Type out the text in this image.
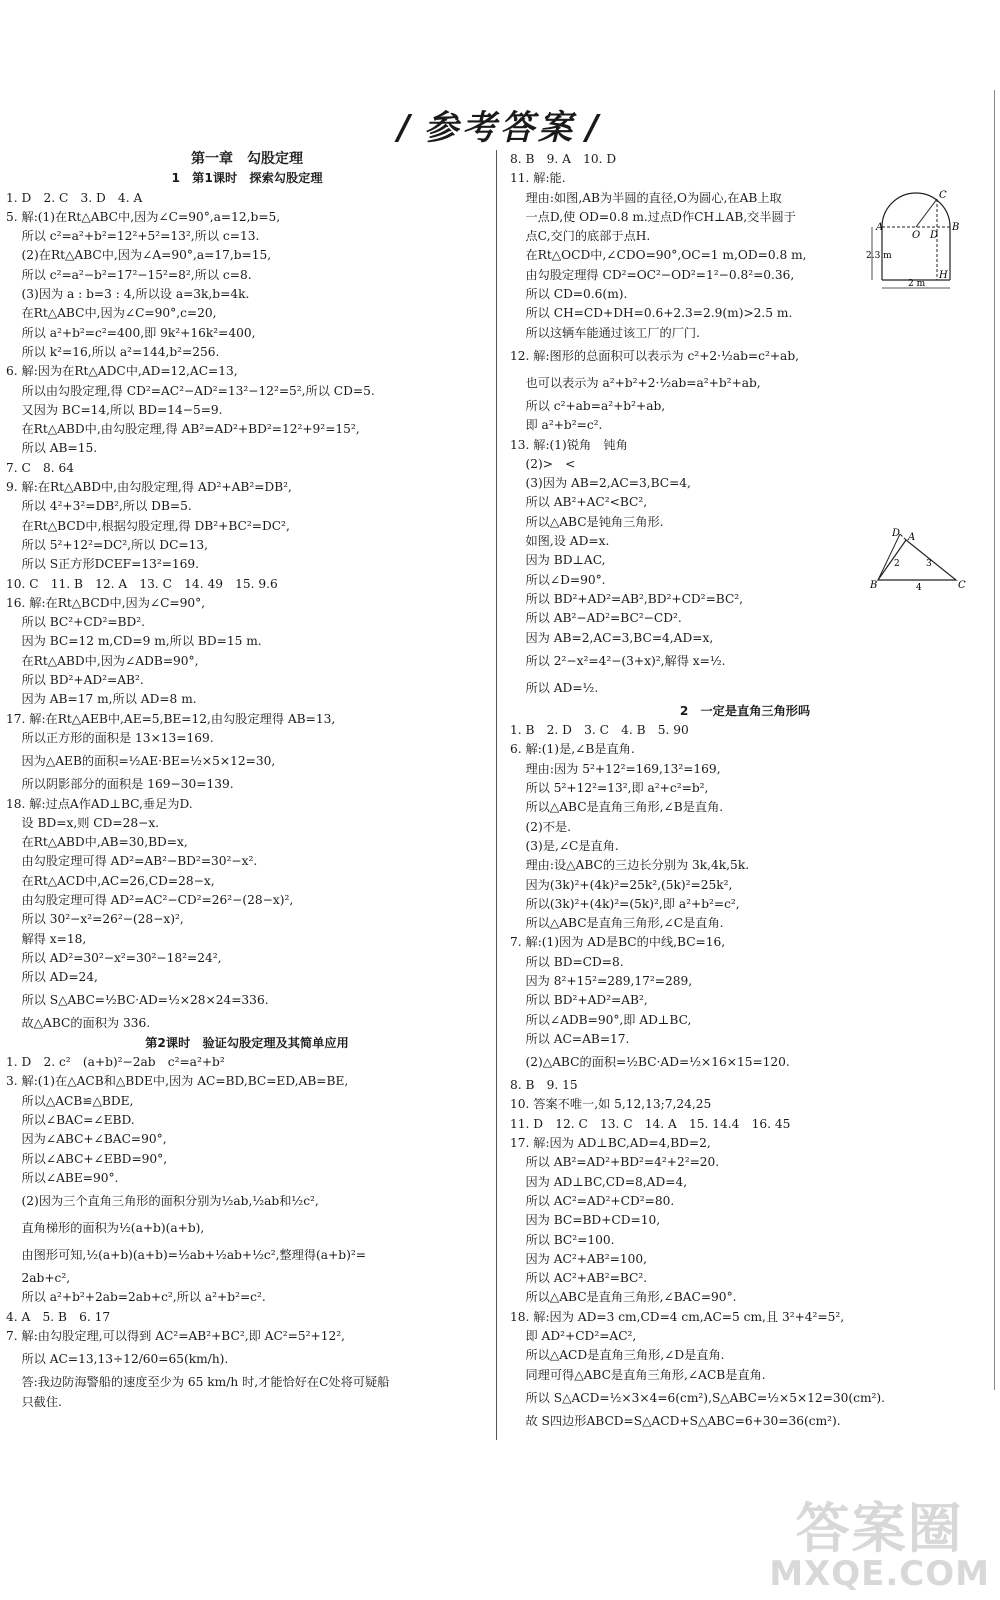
/ 参考答案 /
第一章　勾股定理
1　第1课时　探索勾股定理
1. D　2. C　3. D　4. A
5. 解:(1)在Rt△ABC中,因为∠C=90°,a=12,b=5,
所以 c²=a²+b²=12²+5²=13²,所以 c=13.
(2)在Rt△ABC中,因为∠A=90°,a=17,b=15,
所以 c²=a²−b²=17²−15²=8²,所以 c=8.
(3)因为 a : b=3 : 4,所以设 a=3k,b=4k.
在Rt△ABC中,因为∠C=90°,c=20,
所以 a²+b²=c²=400,即 9k²+16k²=400,
所以 k²=16,所以 a²=144,b²=256.
6. 解:因为在Rt△ADC中,AD=12,AC=13,
所以由勾股定理,得 CD²=AC²−AD²=13²−12²=5²,所以 CD=5.
又因为 BC=14,所以 BD=14−5=9.
在Rt△ABD中,由勾股定理,得 AB²=AD²+BD²=12²+9²=15²,
所以 AB=15.
7. C　8. 64
9. 解:在Rt△ABD中,由勾股定理,得 AD²+AB²=DB²,
所以 4²+3²=DB²,所以 DB=5.
在Rt△BCD中,根据勾股定理,得 DB²+BC²=DC²,
所以 5²+12²=DC²,所以 DC=13,
所以 S正方形DCEF=13²=169.
10. C　11. B　12. A　13. C　14. 49　15. 9.6
16. 解:在Rt△BCD中,因为∠C=90°,
所以 BC²+CD²=BD².
因为 BC=12 m,CD=9 m,所以 BD=15 m.
在Rt△ABD中,因为∠ADB=90°,
所以 BD²+AD²=AB².
因为 AB=17 m,所以 AD=8 m.
17. 解:在Rt△AEB中,AE=5,BE=12,由勾股定理得 AB=13,
所以正方形的面积是 13×13=169.
因为△AEB的面积=½AE·BE=½×5×12=30,
所以阴影部分的面积是 169−30=139.
18. 解:过点A作AD⊥BC,垂足为D.
设 BD=x,则 CD=28−x.
在Rt△ABD中,AB=30,BD=x,
由勾股定理可得 AD²=AB²−BD²=30²−x².
在Rt△ACD中,AC=26,CD=28−x,
由勾股定理可得 AD²=AC²−CD²=26²−(28−x)²,
所以 30²−x²=26²−(28−x)²,
解得 x=18,
所以 AD²=30²−x²=30²−18²=24²,
所以 AD=24,
所以 S△ABC=½BC·AD=½×28×24=336.
故△ABC的面积为 336.
第2课时　验证勾股定理及其简单应用
1. D　2. c²　(a+b)²−2ab　c²=a²+b²
3. 解:(1)在△ACB和△BDE中,因为 AC=BD,BC=ED,AB=BE,
所以△ACB≌△BDE,
所以∠BAC=∠EBD.
因为∠ABC+∠BAC=90°,
所以∠ABC+∠EBD=90°,
所以∠ABE=90°.
(2)因为三个直角三角形的面积分别为½ab,½ab和½c²,
直角梯形的面积为½(a+b)(a+b),
由图形可知,½(a+b)(a+b)=½ab+½ab+½c²,整理得(a+b)²=
2ab+c²,
所以 a²+b²+2ab=2ab+c²,所以 a²+b²=c².
4. A　5. B　6. 17
7. 解:由勾股定理,可以得到 AC²=AB²+BC²,即 AC²=5²+12²,
所以 AC=13,13÷12/60=65(km/h).
答:我边防海警船的速度至少为 65 km/h 时,才能恰好在C处将可疑船
只截住.
8. B　9. A　10. D
11. 解:能.
理由:如图,AB为半圆的直径,O为圆心,在AB上取
一点D,使 OD=0.8 m.过点D作CH⊥AB,交半圆于
点C,交门的底部于点H.
在Rt△OCD中,∠CDO=90°,OC=1 m,OD=0.8 m,
由勾股定理得 CD²=OC²−OD²=1²−0.8²=0.36,
所以 CD=0.6(m).
所以 CH=CD+DH=0.6+2.3=2.9(m)>2.5 m.
所以这辆车能通过该工厂的厂门.
12. 解:图形的总面积可以表示为 c²+2·½ab=c²+ab,
也可以表示为 a²+b²+2·½ab=a²+b²+ab,
所以 c²+ab=a²+b²+ab,
即 a²+b²=c².
13. 解:(1)锐角　钝角
(2)>　<
(3)因为 AB=2,AC=3,BC=4,
所以 AB²+AC²<BC²,
所以△ABC是钝角三角形.
如图,设 AD=x.
因为 BD⊥AC,
所以∠D=90°.
所以 BD²+AD²=AB²,BD²+CD²=BC²,
所以 AB²−AD²=BC²−CD².
因为 AB=2,AC=3,BC=4,AD=x,
所以 2²−x²=4²−(3+x)²,解得 x=½.
所以 AD=½.
2　一定是直角三角形吗
1. B　2. D　3. C　4. B　5. 90
6. 解:(1)是,∠B是直角.
理由:因为 5²+12²=169,13²=169,
所以 5²+12²=13²,即 a²+c²=b²,
所以△ABC是直角三角形,∠B是直角.
(2)不是.
(3)是,∠C是直角.
理由:设△ABC的三边长分别为 3k,4k,5k.
因为(3k)²+(4k)²=25k²,(5k)²=25k²,
所以(3k)²+(4k)²=(5k)²,即 a²+b²=c²,
所以△ABC是直角三角形,∠C是直角.
7. 解:(1)因为 AD是BC的中线,BC=16,
所以 BD=CD=8.
因为 8²+15²=289,17²=289,
所以 BD²+AD²=AB²,
所以∠ADB=90°,即 AD⊥BC,
所以 AC=AB=17.
(2)△ABC的面积=½BC·AD=½×16×15=120.
8. B　9. 15
10. 答案不唯一,如 5,12,13;7,24,25
11. D　12. C　13. C　14. A　15. 14.4　16. 45
17. 解:因为 AD⊥BC,AD=4,BD=2,
所以 AB²=AD²+BD²=4²+2²=20.
因为 AD⊥BC,CD=8,AD=4,
所以 AC²=AD²+CD²=80.
因为 BC=BD+CD=10,
所以 BC²=100.
因为 AC²+AB²=100,
所以 AC²+AB²=BC².
所以△ABC是直角三角形,∠BAC=90°.
18. 解:因为 AD=3 cm,CD=4 cm,AC=5 cm,且 3²+4²=5²,
即 AD²+CD²=AC²,
所以△ACD是直角三角形,∠D是直角.
同理可得△ABC是直角三角形,∠ACB是直角.
所以 S△ACD=½×3×4=6(cm²),S△ABC=½×5×12=30(cm²).
故 S四边形ABCD=S△ACD+S△ABC=6+30=36(cm²).
A
O D
B
C
H
2.3 m
2 m
D A
B
2	3
C
4
答案圈
MXQE.COM
